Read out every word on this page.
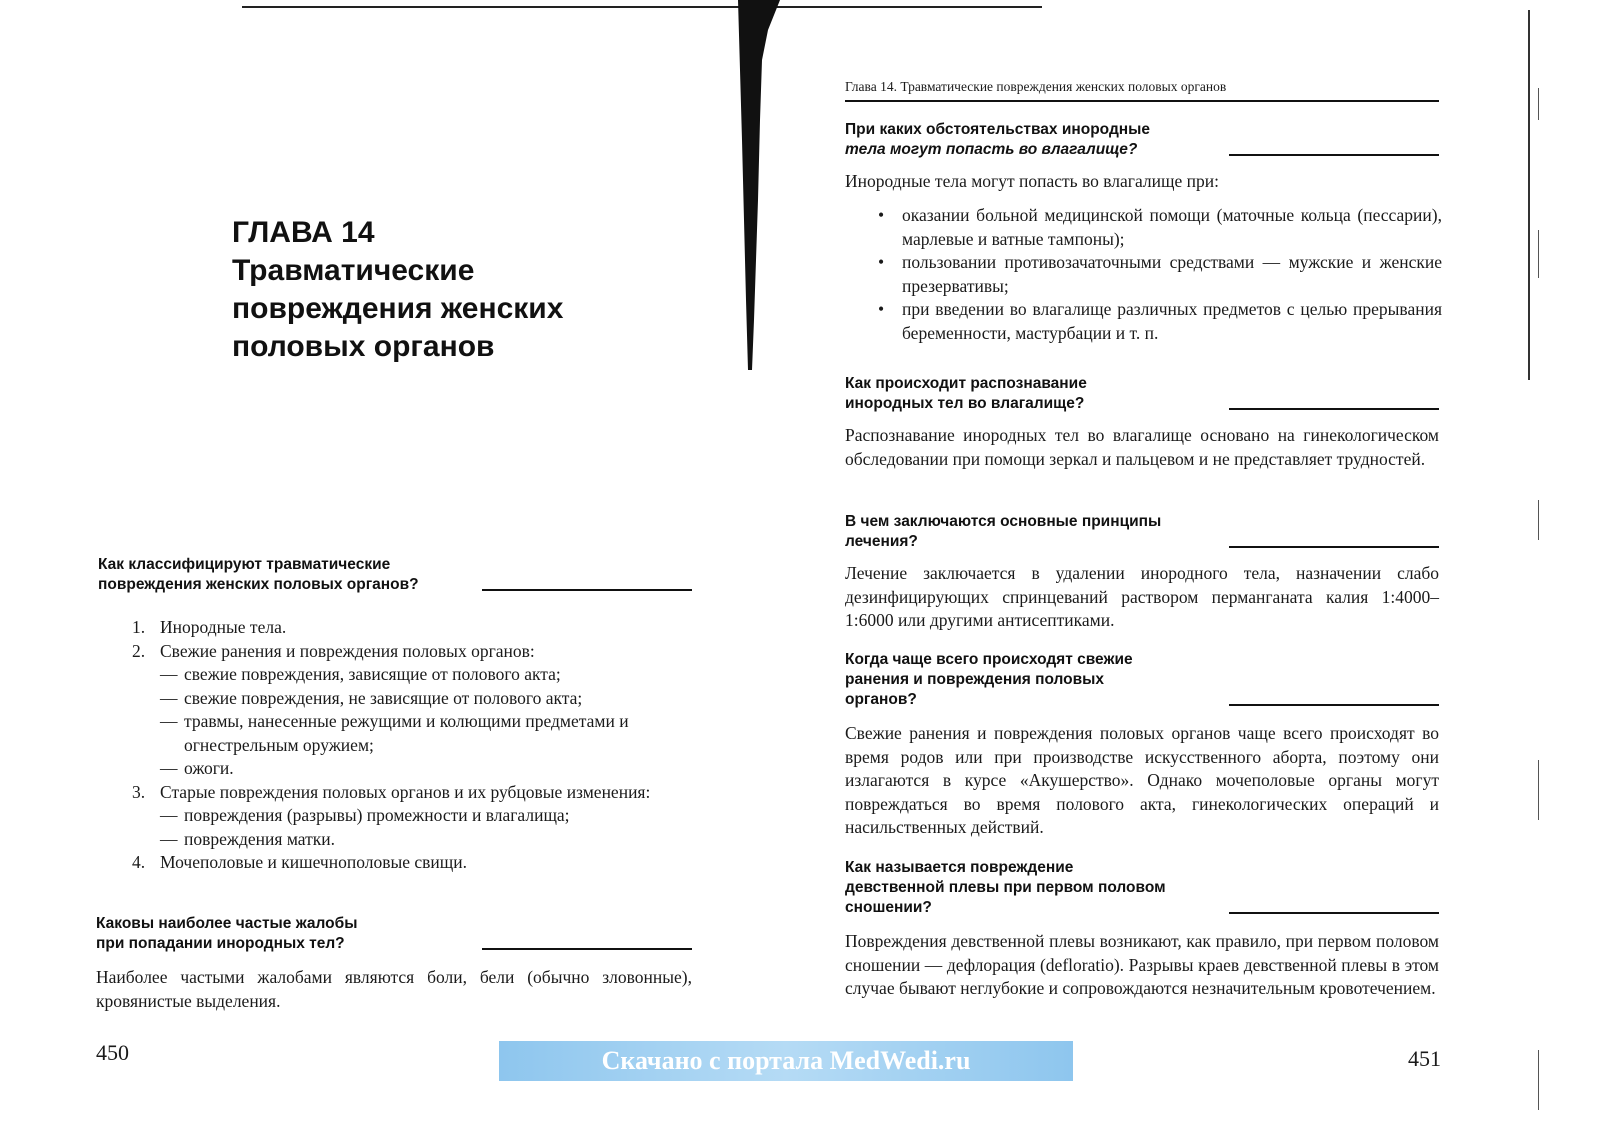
ГЛАВА 14
Травматические
повреждения женских
половых органов
Как классифицируют травматические
повреждения женских половых органов?
1. Инородные тела.
2. Свежие ранения и повреждения половых органов:
— свежие повреждения, зависящие от полового акта;
— свежие повреждения, не зависящие от полового акта;
— травмы, нанесенные режущими и колющими предметами и огнестрельным оружием;
— ожоги.
3. Старые повреждения половых органов и их рубцовые изменения:
— повреждения (разрывы) промежности и влагалища;
— повреждения матки.
4. Мочеполовые и кишечнополовые свищи.
Каковы наиболее частые жалобы
при попадании инородных тел?
Наиболее частыми жалобами являются боли, бели (обычно зловонные), кровянистые выделения.
450
Глава 14. Травматические повреждения женских половых органов
При каких обстоятельствах инородные
тела могут попасть во влагалище?
Инородные тела могут попасть во влагалище при:
• оказании больной медицинской помощи (маточные кольца (пессарии), марлевые и ватные тампоны);
• пользовании противозачаточными средствами — мужские и женские презервативы;
• при введении во влагалище различных предметов с целью прерывания беременности, мастурбации и т. п.
Как происходит распознавание
инородных тел во влагалище?
Распознавание инородных тел во влагалище основано на гинекологическом обследовании при помощи зеркал и пальцевом и не представляет трудностей.
В чем заключаются основные принципы
лечения?
Лечение заключается в удалении инородного тела, назначении слабо дезинфицирующих спринцеваний раствором перманганата калия 1:4000–1:6000 или другими антисептиками.
Когда чаще всего происходят свежие
ранения и повреждения половых
органов?
Свежие ранения и повреждения половых органов чаще всего происходят во время родов или при производстве искусственного аборта, поэтому они излагаются в курсе «Акушерство». Однако мочеполовые органы могут повреждаться во время полового акта, гинекологических операций и насильственных действий.
Как называется повреждение
девственной плевы при первом половом
сношении?
Повреждения девственной плевы возникают, как правило, при первом половом сношении — дефлорация (defloratio). Разрывы краев девственной плевы в этом случае бывают неглубокие и сопровождаются незначительным кровотечением.
451
Скачано с портала MedWedi.ru
